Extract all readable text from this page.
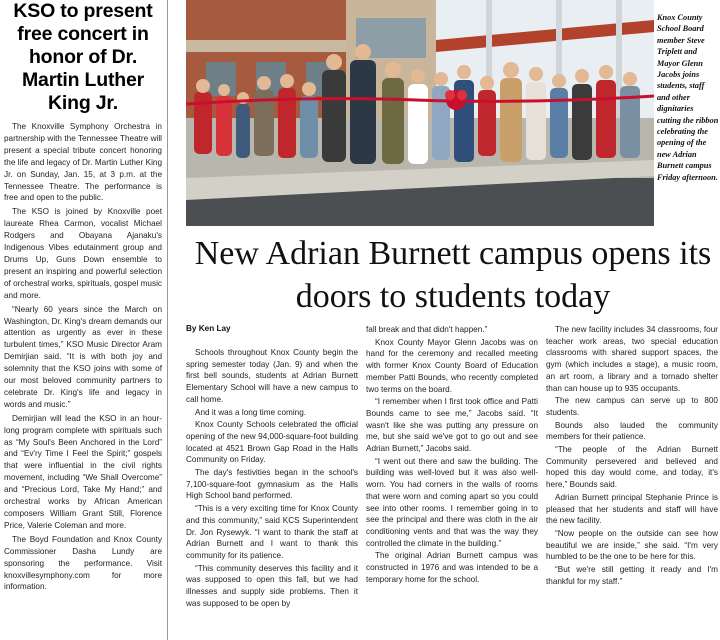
KSO to present free concert in honor of Dr. Martin Luther King Jr.

The Knoxville Symphony Orchestra in partnership with the Tennessee Theatre will present a special tribute concert honoring the life and legacy of Dr. Martin Luther King Jr. on Sunday, Jan. 15, at 3 p.m. at the Tennessee Theatre. The performance is free and open to the public.

The KSO is joined by Knoxville poet laureate Rhea Carmon, vocalist Michael Rodgers and Obayana Ajanaku's Indigenous Vibes edutainment group and Drums Up, Guns Down ensemble to present an inspiring and powerful selection of orchestral works, spirituals, gospel music and more.

“Nearly 60 years since the March on Washington, Dr. King's dream demands our attention as urgently as ever in these turbulent times,” KSO Music Director Aram Demirjian said. “It is with both joy and solemnity that the KSO joins with some of our most beloved community partners to celebrate Dr. King's life and legacy in words and music.”

Demirjian will lead the KSO in an hour-long program complete with spirituals such as “My Soul's Been Anchored in the Lord” and “Ev'ry Time I Feel the Spirit;” gospels that were influential in the civil rights movement, including “We Shall Overcome” and “Precious Lord, Take My Hand;” and orchestral works by African American composers William Grant Still, Florence Price, Valerie Coleman and more.

The Boyd Foundation and Knox County Commissioner Dasha Lundy are sponsoring the performance. Visit knoxvillesymphony.com for more information.

Knox County School Board member Steve Triplett and Mayor Glenn Jacobs joins students, staff and other dignitaries cutting the ribbon celebrating the opening of the new Adrian Burnett campus Friday afternoon.
New Adrian Burnett campus opens its doors to students today
By Ken Lay

Schools throughout Knox County begin the spring semester today (Jan. 9) and when the first bell sounds, students at Adrian Burnett Elementary School will have a new campus to call home.

And it was a long time coming.

Knox County Schools celebrated the official opening of the new 94,000-square-foot building located at 4521 Brown Gap Road in the Halls Community on Friday.

The day's festivities began in the school's 7,100-square-foot gymnasium as the Halls High School band performed.

“This is a very exciting time for Knox County and this community,” said KCS Superintendent Dr. Jon Rysewyk. “I want to thank the staff at Adrian Burnett and I want to thank this community for its patience.

“This community deserves this facility and it was supposed to open this fall, but we had illnesses and supply side problems. Then it was supposed to be open by

fall break and that didn't happen.”

Knox County Mayor Glenn Jacobs was on hand for the ceremony and recalled meeting with former Knox County Board of Education member Patti Bounds, who recently completed two terms on the board.

“I remember when I first took office and Patti Bounds came to see me,” Jacobs said. “It wasn't like she was putting any pressure on me, but she said we've got to go out and see Adrian Burnett,” Jacobs said.

“I went out there and saw the building. The building was well-loved but it was also well-worn. You had corners in the walls of rooms that were worn and coming apart so you could see into other rooms. I remember going in to see the principal and there was cloth in the air conditioning vents and that was the way they controlled the climate in the building.”

The original Adrian Burnett campus was constructed in 1976 and was intended to be a temporary home for the school.

The new facility includes 34 classrooms, four teacher work areas, two special education classrooms with shared support spaces, the gym (which includes a stage), a music room, an art room, a library and a tornado shelter than can house up to 935 occupants.

The new campus can serve up to 800 students.

Bounds also lauded the community members for their patience.

“The people of the Adrian Burnett Community persevered and believed and hoped this day would come, and today, it's here,” Bounds said.

Adrian Burnett principal Stephanie Prince is pleased that her students and staff will have the new facility.

“Now people on the outside can see how beautiful we are inside,” she said. “I'm very humbled to be the one to be here for this.

“But we're still getting it ready and I'm thankful for my staff.”
